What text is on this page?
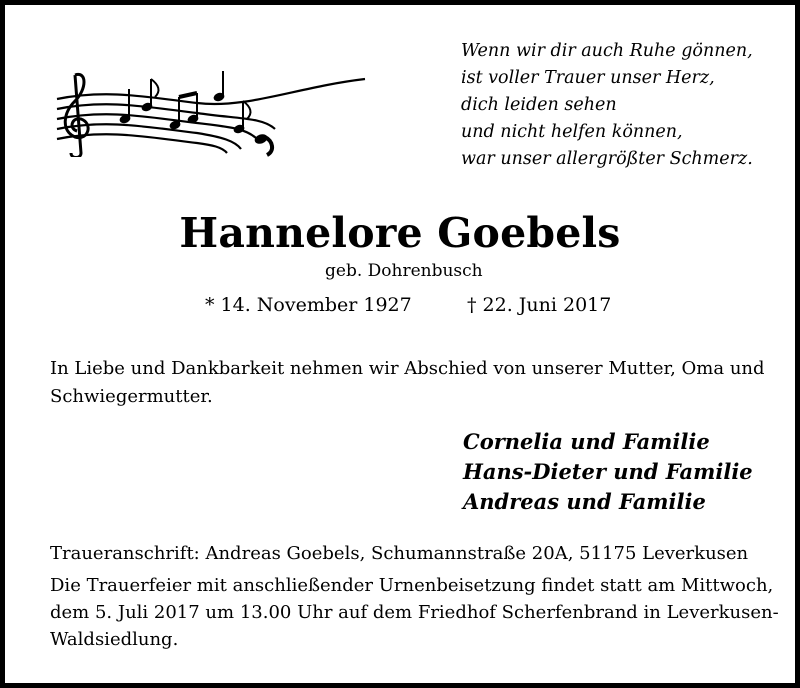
Wenn wir dir auch Ruhe gönnen,
ist voller Trauer unser Herz,
dich leiden sehen
und nicht helfen können,
war unser allergrößter Schmerz.
Hannelore Goebels
geb. Dohrenbusch
* 14. November 1927	† 22. Juni 2017
In Liebe und Dankbarkeit nehmen wir Abschied von unserer Mutter, Oma und Schwiegermutter.
Cornelia und Familie
Hans-Dieter und Familie
Andreas und Familie
Traueranschrift: Andreas Goebels, Schumannstraße 20A, 51175 Leverkusen
Die Trauerfeier mit anschließender Urnenbeisetzung findet statt am Mittwoch, dem 5. Juli 2017 um 13.00 Uhr auf dem Friedhof Scherfenbrand in Leverkusen-Waldsiedlung.
